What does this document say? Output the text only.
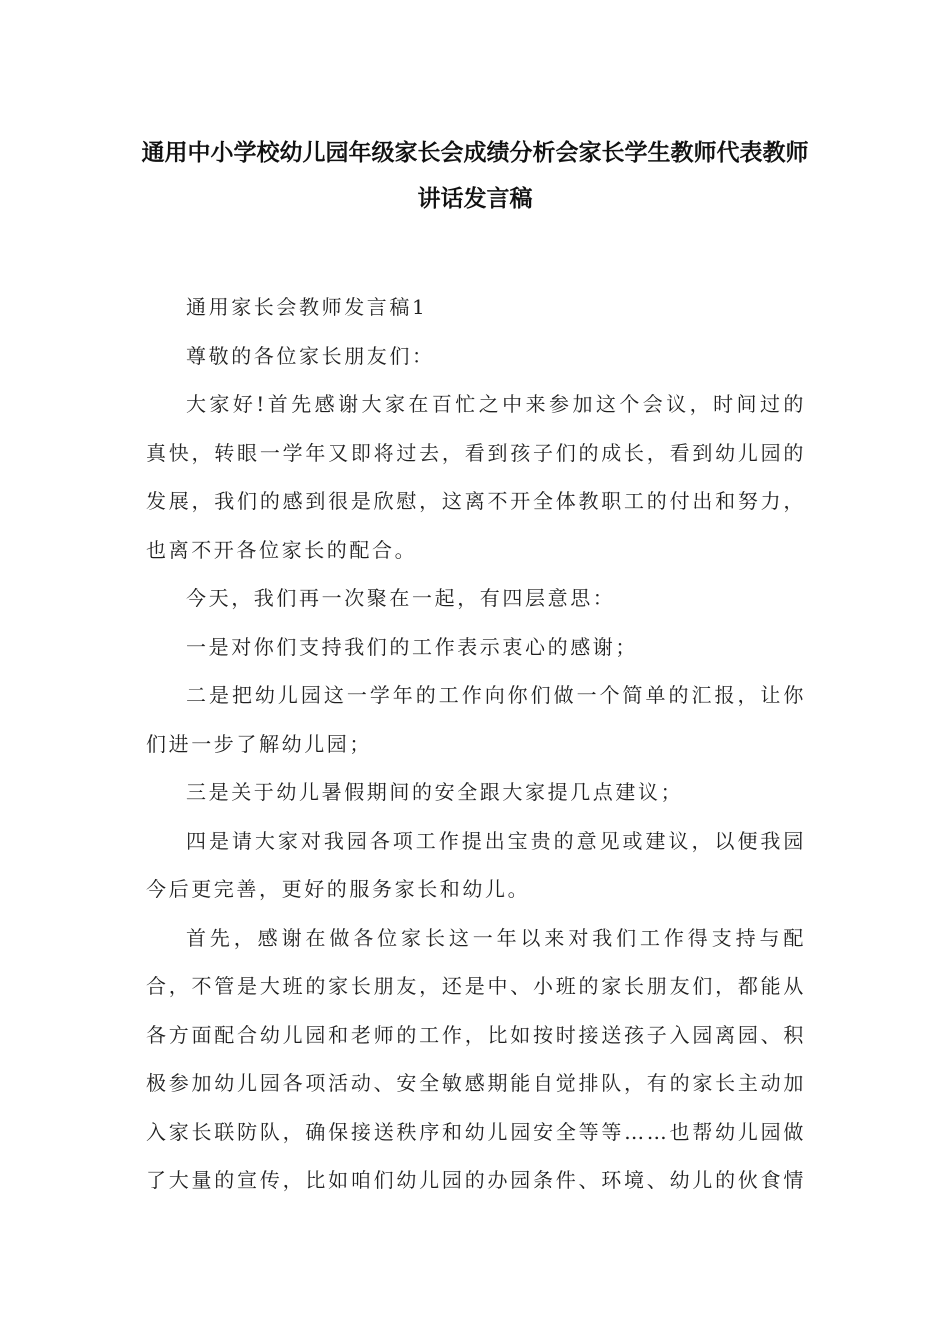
通用中小学校幼儿园年级家长会成绩分析会家长学生教师代表教师
讲话发言稿

通用家长会教师发言稿1

尊敬的各位家长朋友们：

大家好!首先感谢大家在百忙之中来参加这个会议，时间过的真快，转眼一学年又即将过去，看到孩子们的成长，看到幼儿园的发展，我们的感到很是欣慰，这离不开全体教职工的付出和努力，也离不开各位家长的配合。

今天，我们再一次聚在一起，有四层意思：

一是对你们支持我们的工作表示衷心的感谢；

二是把幼儿园这一学年的工作向你们做一个简单的汇报，让你们进一步了解幼儿园；

三是关于幼儿暑假期间的安全跟大家提几点建议；

四是请大家对我园各项工作提出宝贵的意见或建议，以便我园今后更完善，更好的服务家长和幼儿。

首先，感谢在做各位家长这一年以来对我们工作得支持与配合，不管是大班的家长朋友，还是中、小班的家长朋友们，都能从各方面配合幼儿园和老师的工作，比如按时接送孩子入园离园、积极参加幼儿园各项活动、安全敏感期能自觉排队，有的家长主动加入家长联防队，确保接送秩序和幼儿园安全等等……也帮幼儿园做了大量的宣传，比如咱们幼儿园的办园条件、环境、幼儿的伙食情
